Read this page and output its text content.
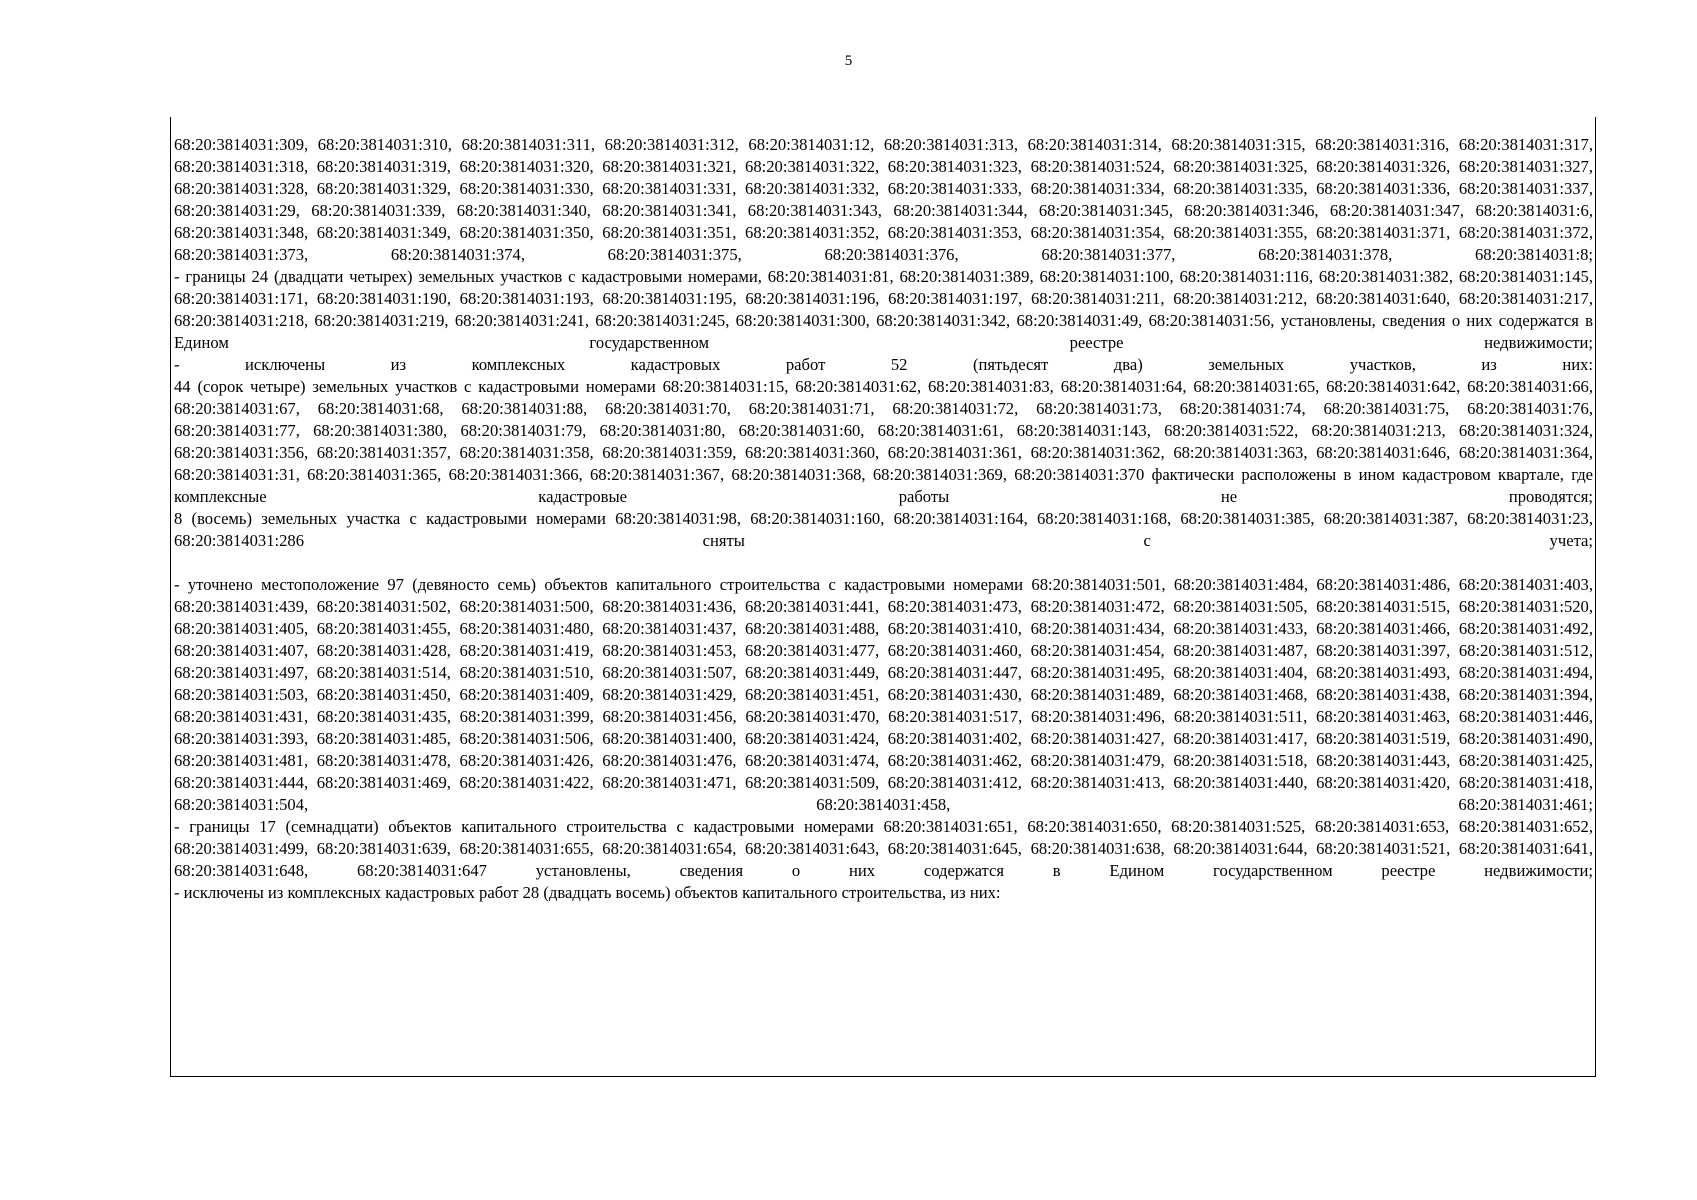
5

68:20:3814031:309, 68:20:3814031:310, 68:20:3814031:311, 68:20:3814031:312, 68:20:3814031:12, 68:20:3814031:313, 68:20:3814031:314, 68:20:3814031:315, 68:20:3814031:316, 68:20:3814031:317, 68:20:3814031:318, 68:20:3814031:319, 68:20:3814031:320, 68:20:3814031:321, 68:20:3814031:322, 68:20:3814031:323, 68:20:3814031:524, 68:20:3814031:325, 68:20:3814031:326, 68:20:3814031:327, 68:20:3814031:328, 68:20:3814031:329, 68:20:3814031:330, 68:20:3814031:331, 68:20:3814031:332, 68:20:3814031:333, 68:20:3814031:334, 68:20:3814031:335, 68:20:3814031:336, 68:20:3814031:337, 68:20:3814031:29, 68:20:3814031:339, 68:20:3814031:340, 68:20:3814031:341, 68:20:3814031:343, 68:20:3814031:344, 68:20:3814031:345, 68:20:3814031:346, 68:20:3814031:347, 68:20:3814031:6, 68:20:3814031:348, 68:20:3814031:349, 68:20:3814031:350, 68:20:3814031:351, 68:20:3814031:352, 68:20:3814031:353, 68:20:3814031:354, 68:20:3814031:355, 68:20:3814031:371, 68:20:3814031:372, 68:20:3814031:373, 68:20:3814031:374, 68:20:3814031:375, 68:20:3814031:376, 68:20:3814031:377, 68:20:3814031:378, 68:20:3814031:8;

- границы 24 (двадцати четырех) земельных участков с кадастровыми номерами, 68:20:3814031:81, 68:20:3814031:389, 68:20:3814031:100, 68:20:3814031:116, 68:20:3814031:382, 68:20:3814031:145, 68:20:3814031:171, 68:20:3814031:190, 68:20:3814031:193, 68:20:3814031:195, 68:20:3814031:196, 68:20:3814031:197, 68:20:3814031:211, 68:20:3814031:212, 68:20:3814031:640, 68:20:3814031:217, 68:20:3814031:218, 68:20:3814031:219, 68:20:3814031:241, 68:20:3814031:245, 68:20:3814031:300, 68:20:3814031:342, 68:20:3814031:49, 68:20:3814031:56, установлены, сведения о них содержатся в Едином государственном реестре недвижимости;

- исключены из комплексных кадастровых работ 52 (пятьдесят два) земельных участков, из них:

44 (сорок четыре) земельных участков с кадастровыми номерами 68:20:3814031:15, 68:20:3814031:62, 68:20:3814031:83, 68:20:3814031:64, 68:20:3814031:65, 68:20:3814031:642, 68:20:3814031:66, 68:20:3814031:67, 68:20:3814031:68, 68:20:3814031:88, 68:20:3814031:70, 68:20:3814031:71, 68:20:3814031:72, 68:20:3814031:73, 68:20:3814031:74, 68:20:3814031:75, 68:20:3814031:76, 68:20:3814031:77, 68:20:3814031:380, 68:20:3814031:79, 68:20:3814031:80, 68:20:3814031:60, 68:20:3814031:61, 68:20:3814031:143, 68:20:3814031:522, 68:20:3814031:213, 68:20:3814031:324, 68:20:3814031:356, 68:20:3814031:357, 68:20:3814031:358, 68:20:3814031:359, 68:20:3814031:360, 68:20:3814031:361, 68:20:3814031:362, 68:20:3814031:363, 68:20:3814031:646, 68:20:3814031:364, 68:20:3814031:31, 68:20:3814031:365, 68:20:3814031:366, 68:20:3814031:367, 68:20:3814031:368, 68:20:3814031:369, 68:20:3814031:370 фактически расположены в ином кадастровом квартале, где комплексные кадастровые работы не проводятся;

8 (восемь) земельных участка с кадастровыми номерами 68:20:3814031:98, 68:20:3814031:160, 68:20:3814031:164, 68:20:3814031:168, 68:20:3814031:385, 68:20:3814031:387, 68:20:3814031:23, 68:20:3814031:286 сняты с учета;

- уточнено местоположение 97 (девяносто семь) объектов капитального строительства с кадастровыми номерами 68:20:3814031:501, 68:20:3814031:484, 68:20:3814031:486, 68:20:3814031:403, 68:20:3814031:439, 68:20:3814031:502, 68:20:3814031:500, 68:20:3814031:436, 68:20:3814031:441, 68:20:3814031:473, 68:20:3814031:472, 68:20:3814031:505, 68:20:3814031:515, 68:20:3814031:520, 68:20:3814031:405, 68:20:3814031:455, 68:20:3814031:480, 68:20:3814031:437, 68:20:3814031:488, 68:20:3814031:410, 68:20:3814031:434, 68:20:3814031:433, 68:20:3814031:466, 68:20:3814031:492, 68:20:3814031:407, 68:20:3814031:428, 68:20:3814031:419, 68:20:3814031:453, 68:20:3814031:477, 68:20:3814031:460, 68:20:3814031:454, 68:20:3814031:487, 68:20:3814031:397, 68:20:3814031:512, 68:20:3814031:497, 68:20:3814031:514, 68:20:3814031:510, 68:20:3814031:507, 68:20:3814031:449, 68:20:3814031:447, 68:20:3814031:495, 68:20:3814031:404, 68:20:3814031:493, 68:20:3814031:494, 68:20:3814031:503, 68:20:3814031:450, 68:20:3814031:409, 68:20:3814031:429, 68:20:3814031:451, 68:20:3814031:430, 68:20:3814031:489, 68:20:3814031:468, 68:20:3814031:438, 68:20:3814031:394, 68:20:3814031:431, 68:20:3814031:435, 68:20:3814031:399, 68:20:3814031:456, 68:20:3814031:470, 68:20:3814031:517, 68:20:3814031:496, 68:20:3814031:511, 68:20:3814031:463, 68:20:3814031:446, 68:20:3814031:393, 68:20:3814031:485, 68:20:3814031:506, 68:20:3814031:400, 68:20:3814031:424, 68:20:3814031:402, 68:20:3814031:427, 68:20:3814031:417, 68:20:3814031:519, 68:20:3814031:490, 68:20:3814031:481, 68:20:3814031:478, 68:20:3814031:426, 68:20:3814031:476, 68:20:3814031:474, 68:20:3814031:462, 68:20:3814031:479, 68:20:3814031:518, 68:20:3814031:443, 68:20:3814031:425, 68:20:3814031:444, 68:20:3814031:469, 68:20:3814031:422, 68:20:3814031:471, 68:20:3814031:509, 68:20:3814031:412, 68:20:3814031:413, 68:20:3814031:440, 68:20:3814031:420, 68:20:3814031:418, 68:20:3814031:504, 68:20:3814031:458, 68:20:3814031:461;

- границы 17 (семнадцати) объектов капитального строительства с кадастровыми номерами 68:20:3814031:651, 68:20:3814031:650, 68:20:3814031:525, 68:20:3814031:653, 68:20:3814031:652, 68:20:3814031:499, 68:20:3814031:639, 68:20:3814031:655, 68:20:3814031:654, 68:20:3814031:643, 68:20:3814031:645, 68:20:3814031:638, 68:20:3814031:644, 68:20:3814031:521, 68:20:3814031:641, 68:20:3814031:648, 68:20:3814031:647 установлены, сведения о них содержатся в Едином государственном реестре недвижимости;

- исключены из комплексных кадастровых работ 28 (двадцать восемь) объектов капитального строительства, из них:
